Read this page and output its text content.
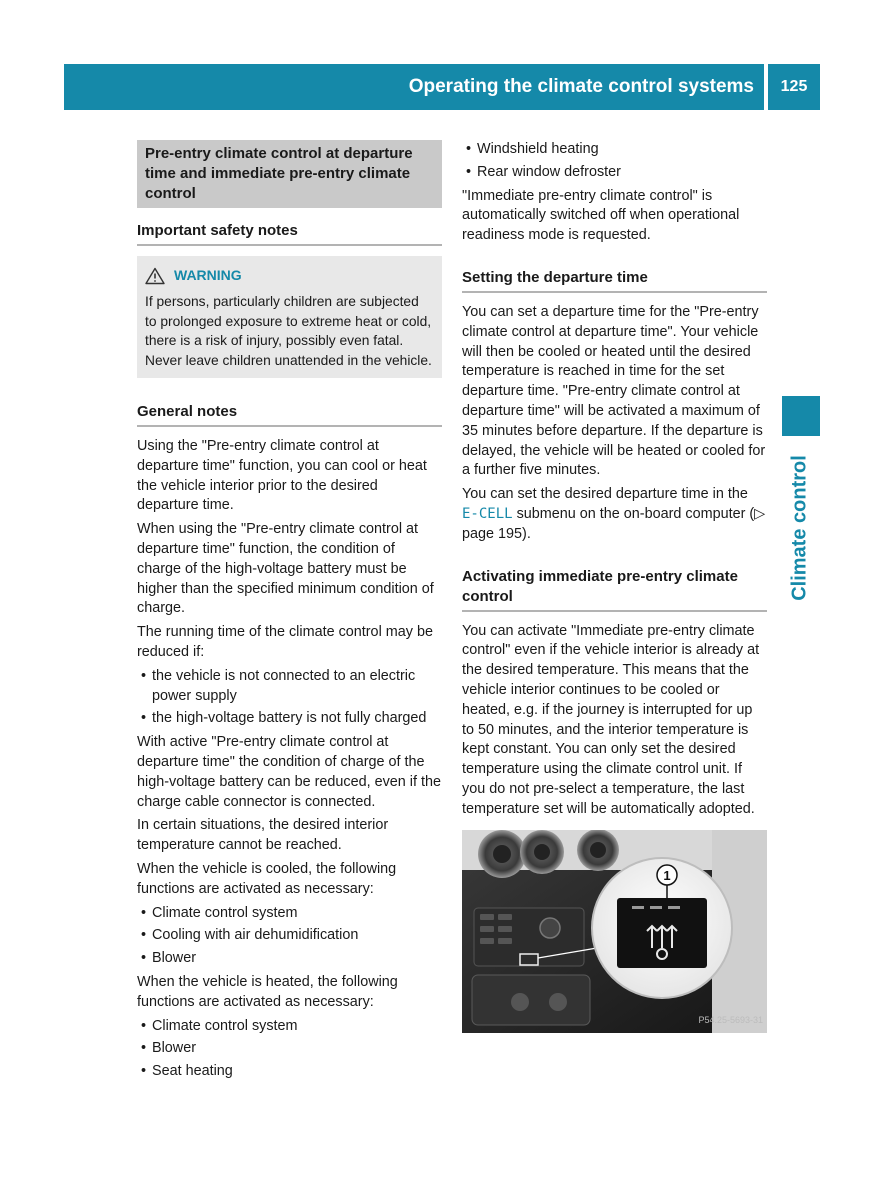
Operating the climate control systems	125
Climate control
Pre-entry climate control at departure time and immediate pre-entry climate control
Important safety notes
WARNING
If persons, particularly children are subjected to prolonged exposure to extreme heat or cold, there is a risk of injury, possibly even fatal. Never leave children unattended in the vehicle.
General notes

Using the "Pre-entry climate control at departure time" function, you can cool or heat the vehicle interior prior to the desired departure time.

When using the "Pre-entry climate control at departure time" function, the condition of charge of the high-voltage battery must be higher than the specified minimum condition of charge.

The running time of the climate control may be reduced if:

• the vehicle is not connected to an electric power supply
• the high-voltage battery is not fully charged

With active "Pre-entry climate control at departure time" the condition of charge of the high-voltage battery can be reduced, even if the charge cable connector is connected.

In certain situations, the desired interior temperature cannot be reached.

When the vehicle is cooled, the following functions are activated as necessary:

• Climate control system
• Cooling with air dehumidification
• Blower

When the vehicle is heated, the following functions are activated as necessary:

• Climate control system
• Blower
• Seat heating
• Windshield heating
• Rear window defroster

"Immediate pre-entry climate control" is automatically switched off when operational readiness mode is requested.

Setting the departure time

You can set a departure time for the "Pre-entry climate control at departure time". Your vehicle will then be cooled or heated until the desired temperature is reached in time for the set departure time. "Pre-entry climate control at departure time" will be activated a maximum of 35 minutes before departure. If the departure is delayed, the vehicle will be heated or cooled for a further five minutes.

You can set the desired departure time in the E-CELL submenu on the on-board computer (▷ page 195).

Activating immediate pre-entry climate control

You can activate "Immediate pre-entry climate control" even if the vehicle interior is already at the desired temperature. This means that the vehicle interior continues to be cooled or heated, e.g. if the journey is interrupted for up to 50 minutes, and the interior temperature is kept constant. You can only set the desired temperature using the climate control unit. If you do not pre-select a temperature, the last temperature set will be automatically adopted.

1
P54.25-5693-31
